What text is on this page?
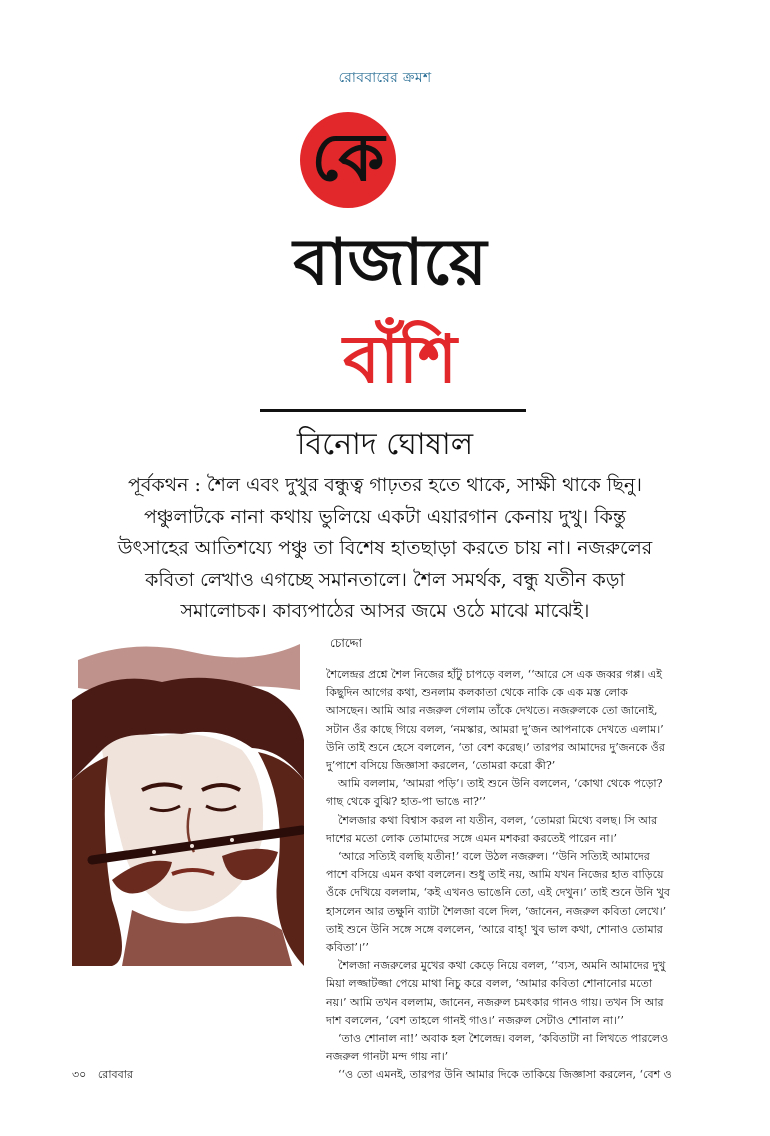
রোববারের ক্রমশ
কে
বাজায়ে
বাঁশি
বিনোদ ঘোষাল
পূর্বকথন : শৈল এবং দুখুর বন্ধুত্ব গাঢ়তর হতে থাকে, সাক্ষী থাকে ছিনু।
পঞ্চুলাটকে নানা কথায় ভুলিয়ে একটা এয়ারগান কেনায় দুখু। কিন্তু
উৎসাহের আতিশয্যে পঞ্চু তা বিশেষ হাতছাড়া করতে চায় না। নজরুলের
কবিতা লেখাও এগচ্ছে সমানতালে। শৈল সমর্থক, বন্ধু যতীন কড়া
সমালোচক। কাব্যপাঠের আসর জমে ওঠে মাঝে মাঝেই।
চোদ্দো
শৈলেন্দ্রর প্রশ্নে শৈল নিজের হাঁটু চাপড়ে বলল, ‘‘আরে সে এক জব্বর গপ্প। এই
কিছুদিন আগের কথা, শুনলাম কলকাতা থেকে নাকি কে এক মস্ত লোক
আসছেন। আমি আর নজরুল গেলাম তাঁকে দেখতে। নজরুলকে তো জানোই,
সটান ওঁর কাছে গিয়ে বলল, ‘নমস্কার, আমরা দু’জন আপনাকে দেখতে এলাম।’
উনি তাই শুনে হেসে বললেন, ‘তা বেশ করেছ।’ তারপর আমাদের দু’জনকে ওঁর
দু’পাশে বসিয়ে জিজ্ঞাসা করলেন, ‘তোমরা করো কী?’
আমি বললাম, ‘আমরা পড়ি’। তাই শুনে উনি বললেন, ‘কোথা থেকে পড়ো?
গাছ থেকে বুঝি? হাত-পা ভাঙে না?’’
শৈলজার কথা বিশ্বাস করল না যতীন, বলল, ‘তোমরা মিথ্যে বলছ। সি আর
দাশের মতো লোক তোমাদের সঙ্গে এমন মশকরা করতেই পারেন না।’
‘আরে সত্যিই বলছি যতীন!’ বলে উঠল নজরুল। ‘‘উনি সত্যিই আমাদের
পাশে বসিয়ে এমন কথা বললেন। শুধু তাই নয়, আমি যখন নিজের হাত বাড়িয়ে
ওঁকে দেখিয়ে বললাম, ‘কই এখনও ভাঙেনি তো, এই দেখুন।’ তাই শুনে উনি খুব
হাসলেন আর তক্ষুনি ব্যাটা শৈলজা বলে দিল, ‘জানেন, নজরুল কবিতা লেখে।’
তাই শুনে উনি সঙ্গে সঙ্গে বললেন, ‘আরে বাহ্! খুব ভাল কথা, শোনাও তোমার
কবিতা’।’’
শৈলজা নজরুলের মুখের কথা কেড়ে নিয়ে বলল, ‘‘ব্যস, অমনি আমাদের দুখু
মিয়া লজ্জাটজ্জা পেয়ে মাথা নিচু করে বলল, ‘আমার কবিতা শোনানোর মতো
নয়।’ আমি তখন বললাম, জানেন, নজরুল চমৎকার গানও গায়। তখন সি আর
দাশ বললেন, ‘বেশ তাহলে গানই গাও।’ নজরুল সেটাও শোনাল না।’’
‘তাও শোনাল না!’ অবাক হল শৈলেন্দ্র। বলল, ‘কবিতাটা না লিখতে পারলেও
নজরুল গানটা মন্দ গায় না।’
‘‘ও তো এমনই, তারপর উনি আমার দিকে তাকিয়ে জিজ্ঞাসা করলেন, ‘বেশ ও
৩০ রোববার
